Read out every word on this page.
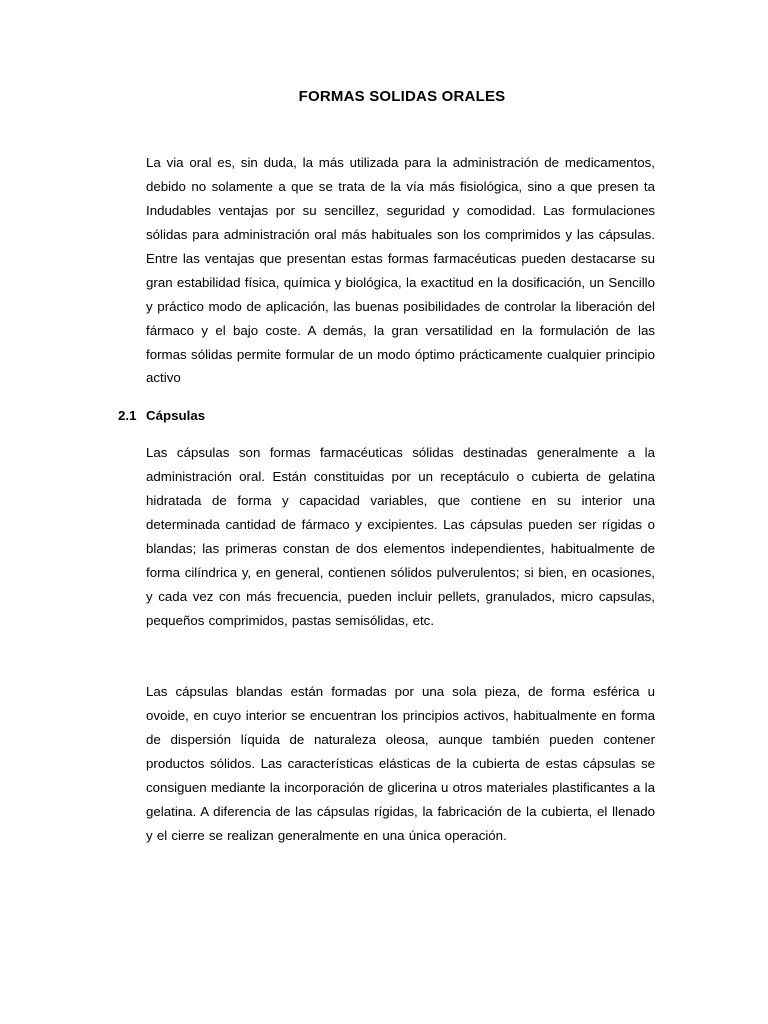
FORMAS SOLIDAS ORALES

La via oral es, sin duda, la más utilizada para la administración de medicamentos, debido no solamente a que se trata de la vía más fisiológica, sino a que presen ta Indudables ventajas por su sencillez, seguridad y comodidad. Las formulaciones sólidas para administración oral más habituales son los comprimidos y las cápsulas. Entre las ventajas que presentan estas formas farmacéuticas pueden destacarse su gran estabilidad física, química y biológica, la exactitud en la dosificación, un Sencillo y práctico modo de aplicación, las buenas posibilidades de controlar la liberación del fármaco y el bajo coste. A demás, la gran versatilidad en la formulación de las formas sólidas permite formular de un modo óptimo prácticamente cualquier principio activo

2.1 Cápsulas

Las cápsulas son formas farmacéuticas sólidas destinadas generalmente a la administración oral. Están constituidas por un receptáculo o cubierta de gelatina hidratada de forma y capacidad variables, que contiene en su interior una determinada cantidad de fármaco y excipientes. Las cápsulas pueden ser rígidas o blandas; las primeras constan de dos elementos independientes, habitualmente de forma cilíndrica y, en general, contienen sólidos pulverulentos; si bien, en ocasiones, y cada vez con más frecuencia, pueden incluir pellets, granulados, micro capsulas, pequeños comprimidos, pastas semisólidas, etc.

Las cápsulas blandas están formadas por una sola pieza, de forma esférica u ovoide, en cuyo interior se encuentran los principios activos, habitualmente en forma de dispersión líquida de naturaleza oleosa, aunque también pueden contener productos sólidos. Las características elásticas de la cubierta de estas cápsulas se consiguen mediante la incorporación de glicerina u otros materiales plastificantes a la gelatina. A diferencia de las cápsulas rígidas, la fabricación de la cubierta, el llenado y el cierre se realizan generalmente en una única operación.
